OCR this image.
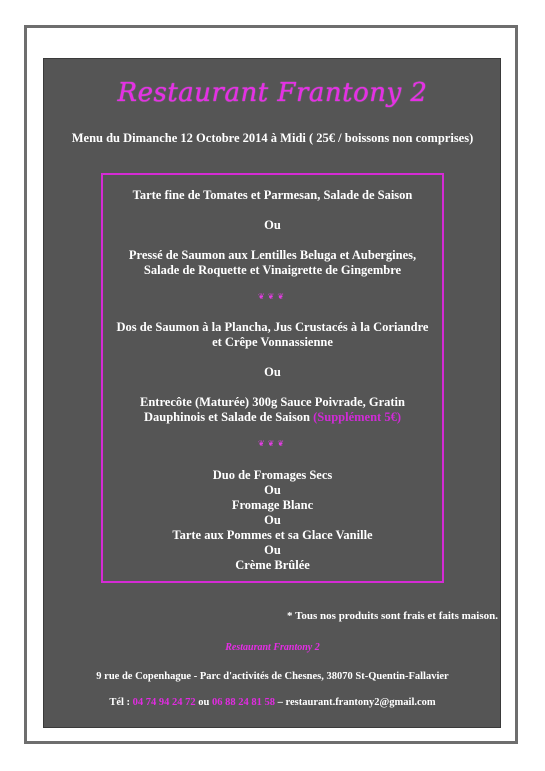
Restaurant Frantony 2
Menu du Dimanche 12 Octobre 2014 à Midi ( 25€ / boissons non comprises)
Tarte fine de Tomates et Parmesan, Salade de Saison
Ou
Pressé de Saumon aux Lentilles Beluga et Aubergines,
Salade de Roquette et Vinaigrette de Gingembre
❦❦❦
Dos de Saumon à la Plancha, Jus Crustacés à la Coriandre
et Crêpe Vonnassienne
Ou
Entrecôte (Maturée) 300g Sauce Poivrade, Gratin
Dauphinois et Salade de Saison (Supplément 5€)
❦❦❦
Duo de Fromages Secs
Ou
Fromage Blanc
Ou
Tarte aux Pommes et sa Glace Vanille
Ou
Crème Brûlée
* Tous nos produits sont frais et faits maison.
Restaurant Frantony 2
9 rue de Copenhague - Parc d'activités de Chesnes, 38070 St-Quentin-Fallavier
Tél : 04 74 94 24 72 ou 06 88 24 81 58 – restaurant.frantony2@gmail.com
